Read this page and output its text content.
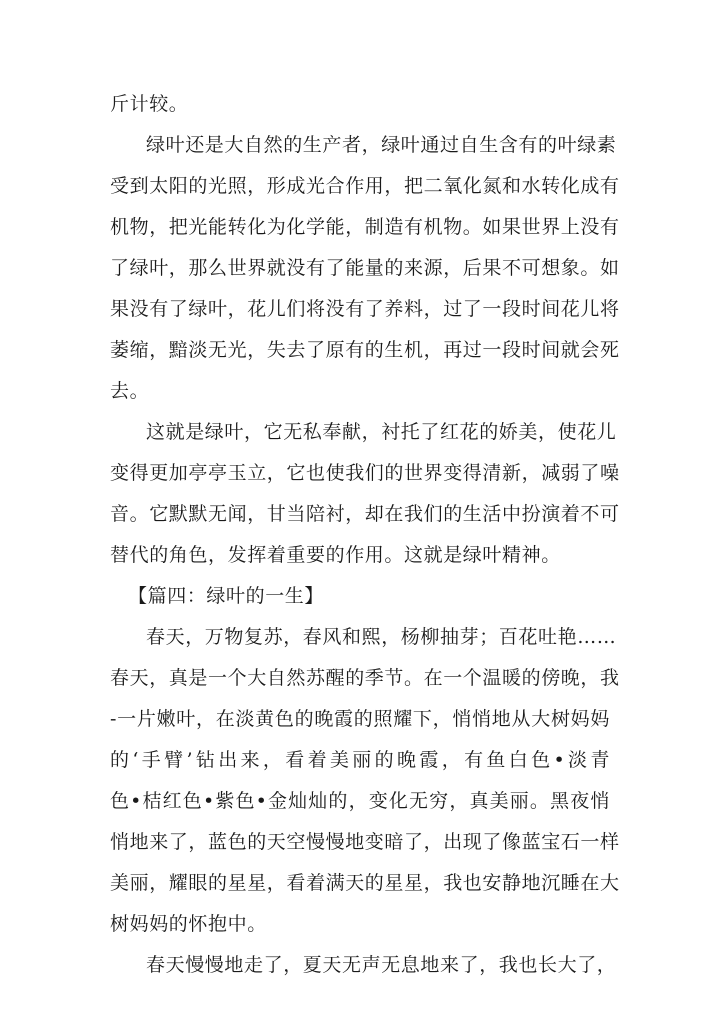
斤计较。
绿叶还是大自然的生产者，绿叶通过自生含有的叶绿素
受到太阳的光照，形成光合作用，把二氧化氮和水转化成有
机物，把光能转化为化学能，制造有机物。如果世界上没有
了绿叶，那么世界就没有了能量的来源，后果不可想象。如
果没有了绿叶，花儿们将没有了养料，过了一段时间花儿将
萎缩，黯淡无光，失去了原有的生机，再过一段时间就会死
去。
这就是绿叶，它无私奉献，衬托了红花的娇美，使花儿
变得更加亭亭玉立，它也使我们的世界变得清新，减弱了噪
音。它默默无闻，甘当陪衬，却在我们的生活中扮演着不可
替代的角色，发挥着重要的作用。这就是绿叶精神。
【篇四：绿叶的一生】
春天，万物复苏，春风和熙，杨柳抽芽；百花吐艳……
春天，真是一个大自然苏醒的季节。在一个温暖的傍晚，我
-一片嫩叶，在淡黄色的晚霞的照耀下，悄悄地从大树妈妈
的‘手臂’钻出来，看着美丽的晚霞，有鱼白色•淡青
色•桔红色•紫色•金灿灿的，变化无穷，真美丽。黑夜悄
悄地来了，蓝色的天空慢慢地变暗了，出现了像蓝宝石一样
美丽，耀眼的星星，看着满天的星星，我也安静地沉睡在大
树妈妈的怀抱中。
春天慢慢地走了，夏天无声无息地来了，我也长大了，
